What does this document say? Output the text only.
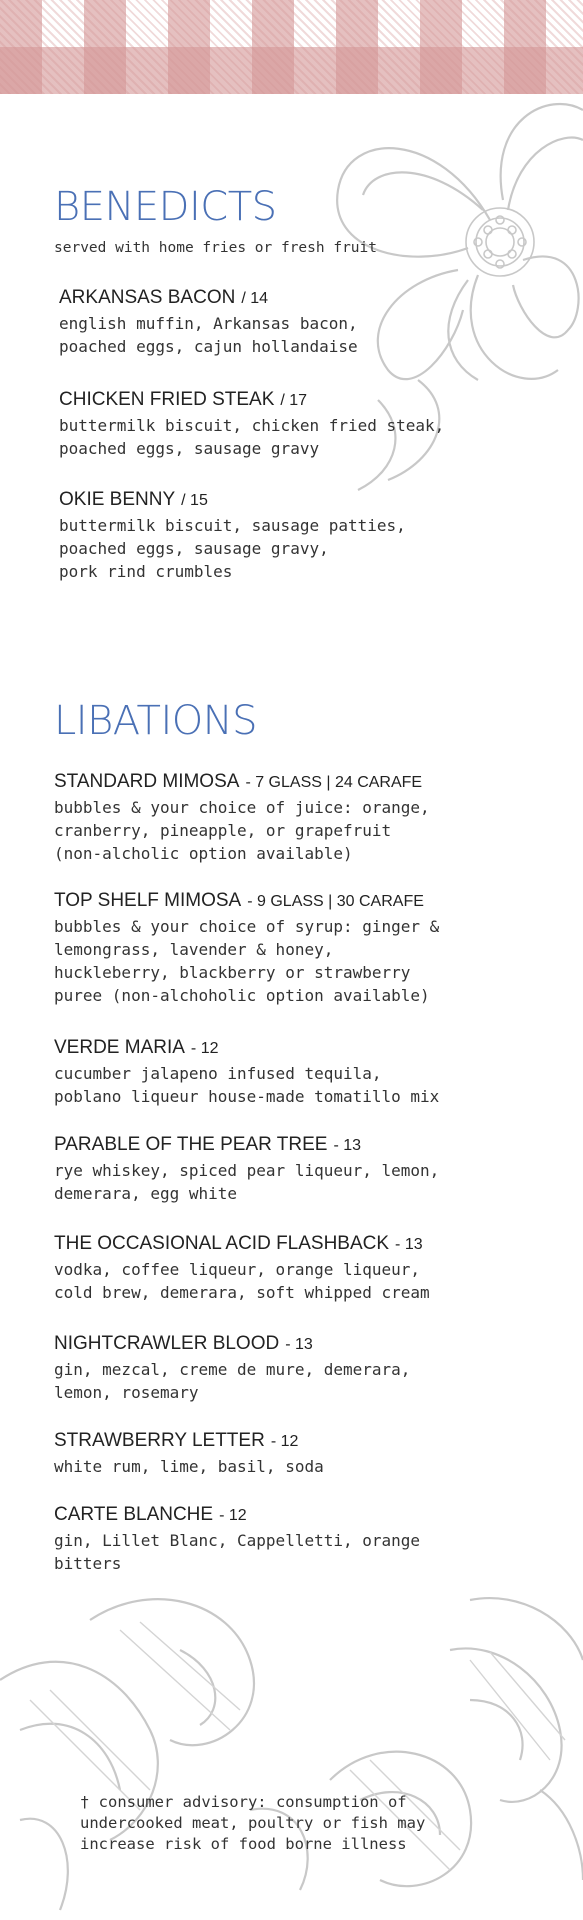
BENEDICTS

served with home fries or fresh fruit

ARKANSAS BACON / 14
english muffin, Arkansas bacon,
poached eggs, cajun hollandaise
CHICKEN FRIED STEAK / 17
buttermilk biscuit, chicken fried steak,
poached eggs, sausage gravy
OKIE BENNY / 15
buttermilk biscuit, sausage patties,
poached eggs, sausage gravy,
pork rind crumbles
LIBATIONS
STANDARD MIMOSA - 7 GLASS | 24 CARAFE
bubbles & your choice of juice: orange,
cranberry, pineapple, or grapefruit
(non-alcholic option available)
TOP SHELF MIMOSA - 9 GLASS | 30 CARAFE
bubbles & your choice of syrup: ginger &
lemongrass, lavender & honey,
huckleberry, blackberry or strawberry
puree (non-alchoholic option available)
VERDE MARIA - 12
cucumber jalapeno infused tequila,
poblano liqueur house-made tomatillo mix
PARABLE OF THE PEAR TREE - 13
rye whiskey, spiced pear liqueur, lemon,
demerara, egg white
THE OCCASIONAL ACID FLASHBACK - 13
vodka, coffee liqueur, orange liqueur,
cold brew, demerara, soft whipped cream
NIGHTCRAWLER BLOOD - 13
gin, mezcal, creme de mure, demerara,
lemon, rosemary
STRAWBERRY LETTER - 12
white rum, lime, basil, soda
CARTE BLANCHE - 12
gin, Lillet Blanc, Cappelletti, orange
bitters
† consumer advisory: consumption of
undercooked meat, poultry or fish may
increase risk of food borne illness
